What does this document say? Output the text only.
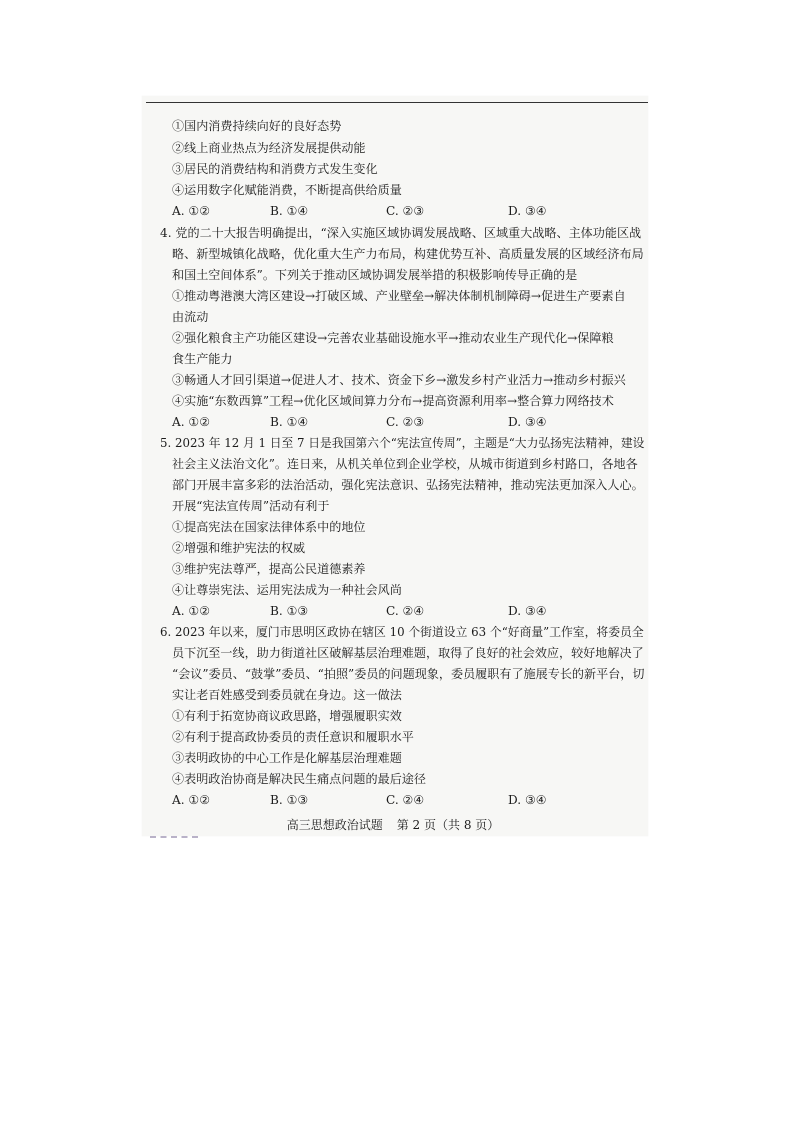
①国内消费持续向好的良好态势
②线上商业热点为经济发展提供动能
③居民的消费结构和消费方式发生变化
④运用数字化赋能消费，不断提高供给质量
A. ①②	B. ①④	C. ②③	D. ③④
4. 党的二十大报告明确提出，“深入实施区域协调发展战略、区域重大战略、主体功能区战
略、新型城镇化战略，优化重大生产力布局，构建优势互补、高质量发展的区域经济布局
和国土空间体系”。下列关于推动区域协调发展举措的积极影响传导正确的是
①推动粤港澳大湾区建设→打破区域、产业壁垒→解决体制机制障碍→促进生产要素自
由流动
②强化粮食主产功能区建设→完善农业基础设施水平→推动农业生产现代化→保障粮
食生产能力
③畅通人才回引渠道→促进人才、技术、资金下乡→激发乡村产业活力→推动乡村振兴
④实施“东数西算”工程→优化区域间算力分布→提高资源利用率→整合算力网络技术
A. ①②	B. ①④	C. ②③	D. ③④
5. 2023 年 12 月 1 日至 7 日是我国第六个“宪法宣传周”，主题是“大力弘扬宪法精神，建设
社会主义法治文化”。连日来，从机关单位到企业学校，从城市街道到乡村路口，各地各
部门开展丰富多彩的法治活动，强化宪法意识、弘扬宪法精神，推动宪法更加深入人心。
开展“宪法宣传周”活动有利于
①提高宪法在国家法律体系中的地位
②增强和维护宪法的权威
③维护宪法尊严，提高公民道德素养
④让尊崇宪法、运用宪法成为一种社会风尚
A. ①②	B. ①③	C. ②④	D. ③④
6. 2023 年以来，厦门市思明区政协在辖区 10 个街道设立 63 个“好商量”工作室，将委员全
员下沉至一线，助力街道社区破解基层治理难题，取得了良好的社会效应，较好地解决了
“会议”委员、“鼓掌”委员、“拍照”委员的问题现象，委员履职有了施展专长的新平台，切
实让老百姓感受到委员就在身边。这一做法
①有利于拓宽协商议政思路，增强履职实效
②有利于提高政协委员的责任意识和履职水平
③表明政协的中心工作是化解基层治理难题
④表明政治协商是解决民生痛点问题的最后途径
A. ①②	B. ①③	C. ②④	D. ③④
高三思想政治试题 第 2 页（共 8 页）
